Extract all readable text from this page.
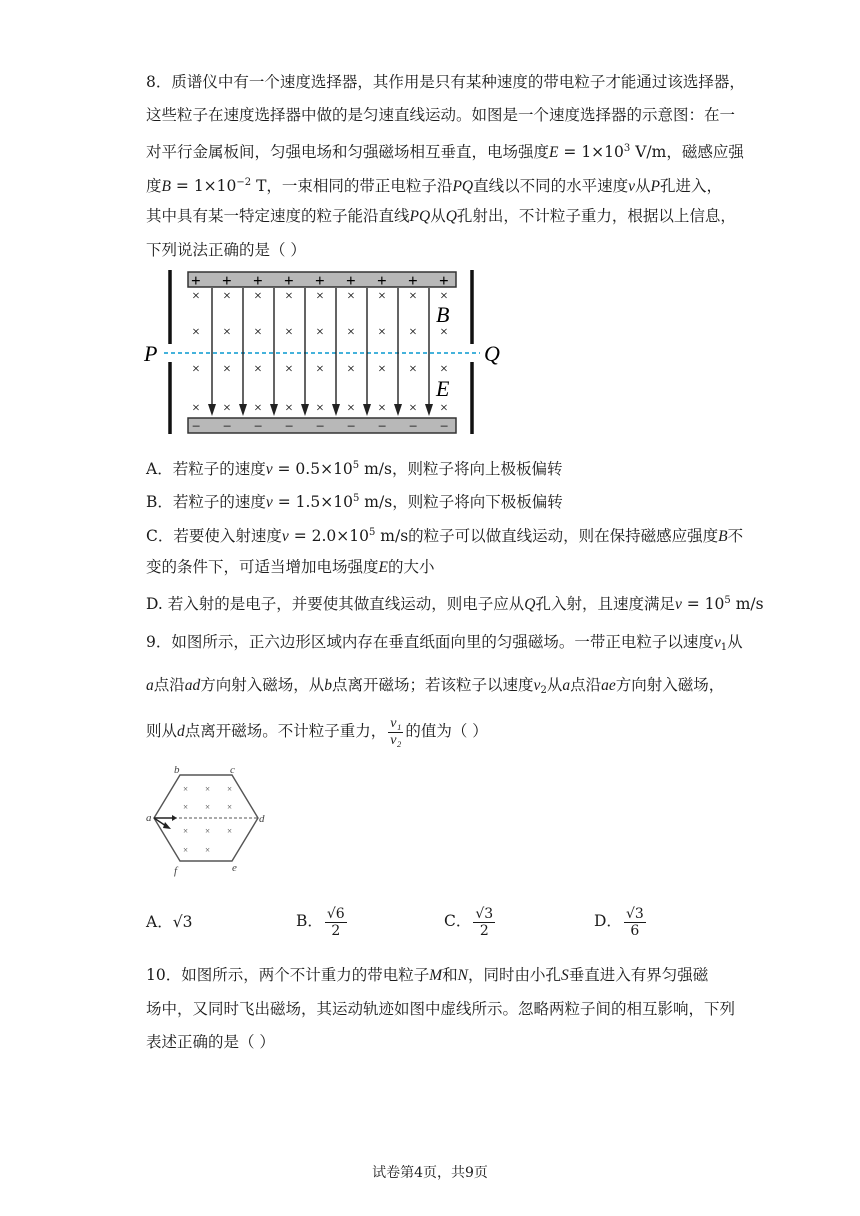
8．质谱仪中有一个速度选择器，其作用是只有某种速度的带电粒子才能通过该选择器，
这些粒子在速度选择器中做的是匀速直线运动。如图是一个速度选择器的示意图：在一
对平行金属板间，匀强电场和匀强磁场相互垂直，电场强度$E = 1\times 10^3$ V/m，磁感应强
度$B = 1\times 10^{-2}$ T，一束相同的带正电粒子沿PQ直线以不同的水平速度v从P孔进入，
其中具有某一特定速度的粒子能沿直线PQ从Q孔射出，不计粒子重力，根据以上信息，
下列说法正确的是（ ）
+
−
+
−
+
−
+
−
+
−
+
−
+
−
+
−
+
−
× × × × × × × × ×
× × × × × × × ×
× × × × × × × ×
× × × × × × × × ×
×
×
B
E
P	Q
A．若粒子的速度$v = 0.5\times 10^5$ m/s，则粒子将向上极板偏转
B．若粒子的速度$v = 1.5\times 10^5$ m/s，则粒子将向下极板偏转
C．若要使入射速度$v = 2.0\times 10^5$ m/s的粒子可以做直线运动，则在保持磁感应强度B不
变的条件下，可适当增加电场强度E的大小
D. 若入射的是电子，并要使其做直线运动，则电子应从Q孔入射，且速度满足$v = 10^5$ m/s
9．如图所示，正六边形区域内存在垂直纸面向里的匀强磁场。一带正电粒子以速度$v_1$从
a点沿ad方向射入磁场，从b点离开磁场；若该粒子以速度$v_2$从a点沿ae方向射入磁场，
则从d点离开磁场。不计粒子重力， $\frac{\text{v₁}}{\text{v₂}}$ 的值为（ ）
× × ×
× × ×
× × ×
× ×
b	c
a	d
e
f
A．√3	B． $\frac{√6}{2}$	C． $\frac{√3}{2}$	D． $\frac{√3}{6}$
10．如图所示，两个不计重力的带电粒子M和N，同时由小孔S垂直进入有界匀强磁
场中，又同时飞出磁场，其运动轨迹如图中虚线所示。忽略两粒子间的相互影响，下列
表述正确的是（ ）
试卷第4页，共9页
